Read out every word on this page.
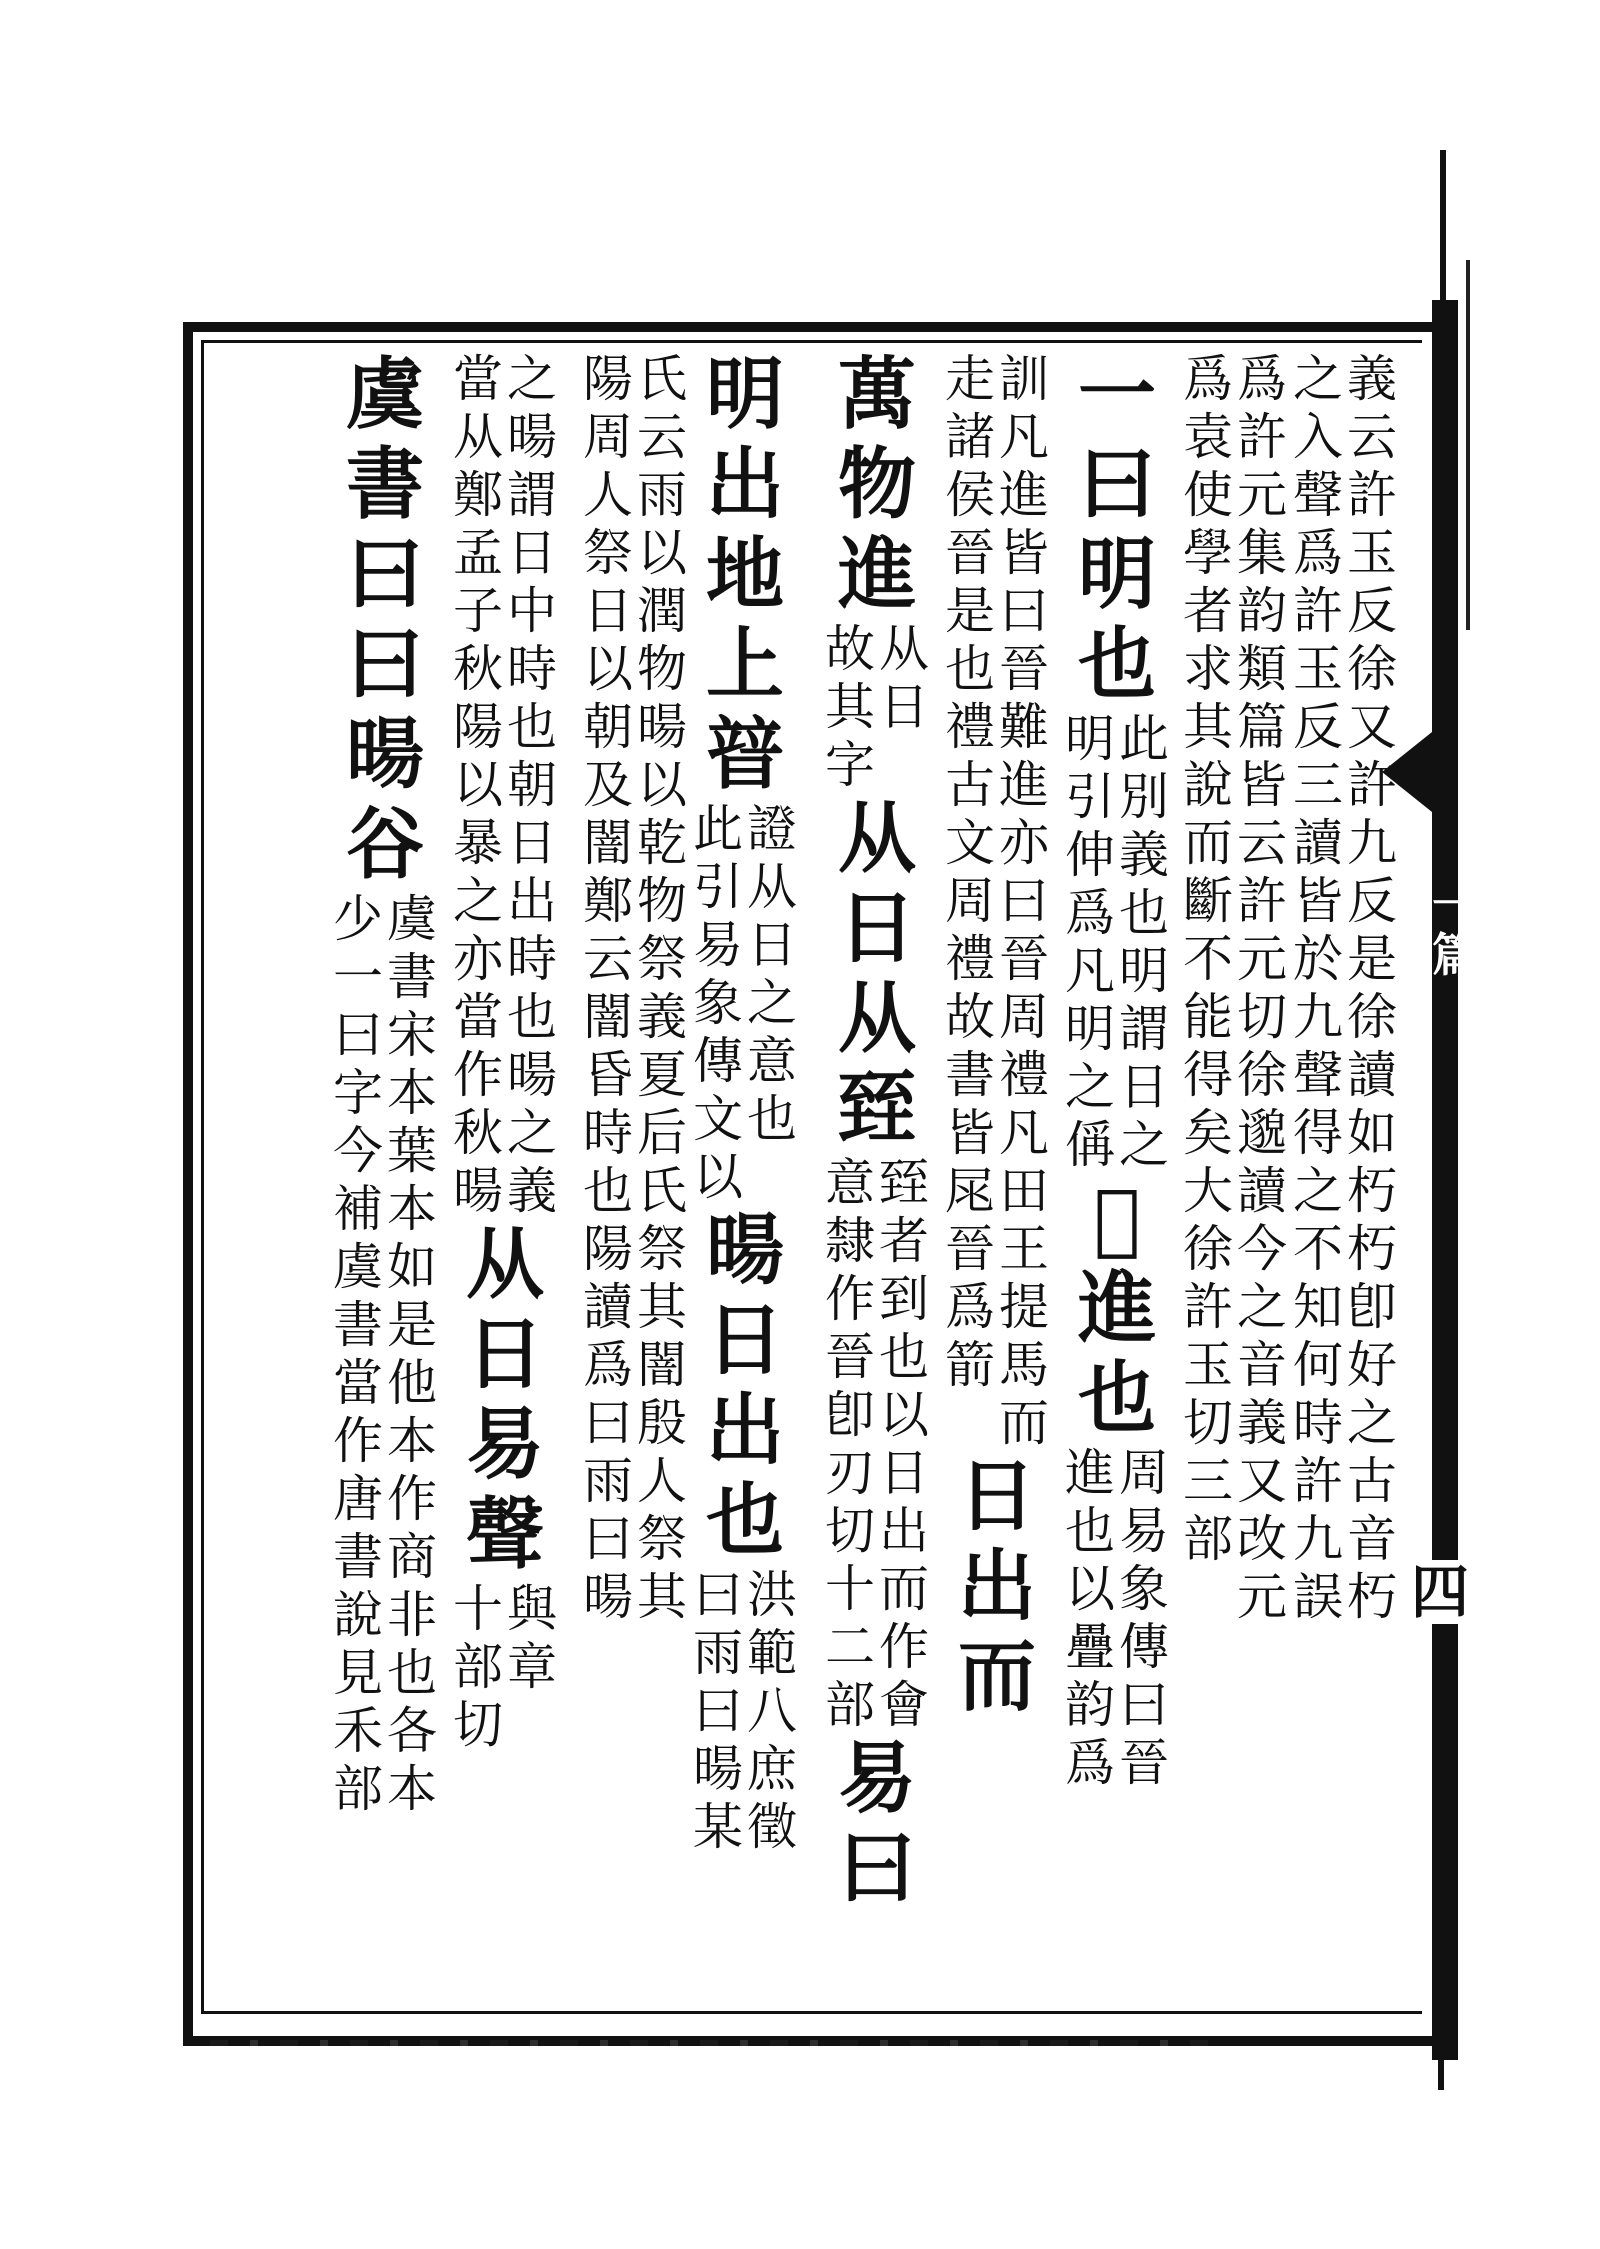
一篇
四
之
入
聲
爲
許
玉
反
三
讀
皆
於
九
聲
得
之
不
知
何
時
許
九
誤
義
云
許
玉
反
徐
又
許
九
反
是
徐
讀
如
朽
朽
卽
好
之
古
音
朽
爲
袁
使
學
者
求
其
說
而
斷
不
能
得
矣
大
徐
許
玉
切
三
部
爲
許
元
集
韵
類
篇
皆
云
許
元
切
徐
邈
讀
今
之
音
義
又
改
元
一
曰
明
也
明
引
伸
爲
凡
明
之
偁
此
別
義
也
明
謂
日
之
𣈆
進
也
進
也
以
疊
韵
爲
周
易
象
傳
曰
晉
走
諸
侯
晉
是
也
禮
古
文
周
禮
故
書
皆
㞑
晉
爲
箭
訓
凡
進
皆
曰
晉
難
進
亦
曰
晉
周
禮
凡
田
王
提
馬
而
日
出
而
萬
物
進
故
其
字
从
日
从
日
从
臸
意
隸
作
晉
卽
刃
切
十
二
部
臸
者
到
也
以
日
出
而
作
會
易
曰
明
出
地
上
暜
此
引
易
象
傳
文
以
證
从
日
之
意
也
暘
日
出
也
曰
雨
曰
暘
某
洪
範
八
庶
徵
陽
周
人
祭
日
以
朝
及
闇
鄭
云
闇
昏
時
也
陽
讀
爲
曰
雨
曰
暘
氏
云
雨
以
潤
物
暘
以
乾
物
祭
義
夏
后
氏
祭
其
闇
殷
人
祭
其
當
从
鄭
孟
子
秋
陽
以
暴
之
亦
當
作
秋
暘
之
暘
謂
日
中
時
也
朝
日
出
時
也
暘
之
義
从
日
易
聲
十
部
切
與
章
虞
書
曰
曰
暘
谷
少
一
曰
字
今
補
虞
書
當
作
唐
書
說
見
禾
部
虞
書
宋
本
葉
本
如
是
他
本
作
商
非
也
各
本
